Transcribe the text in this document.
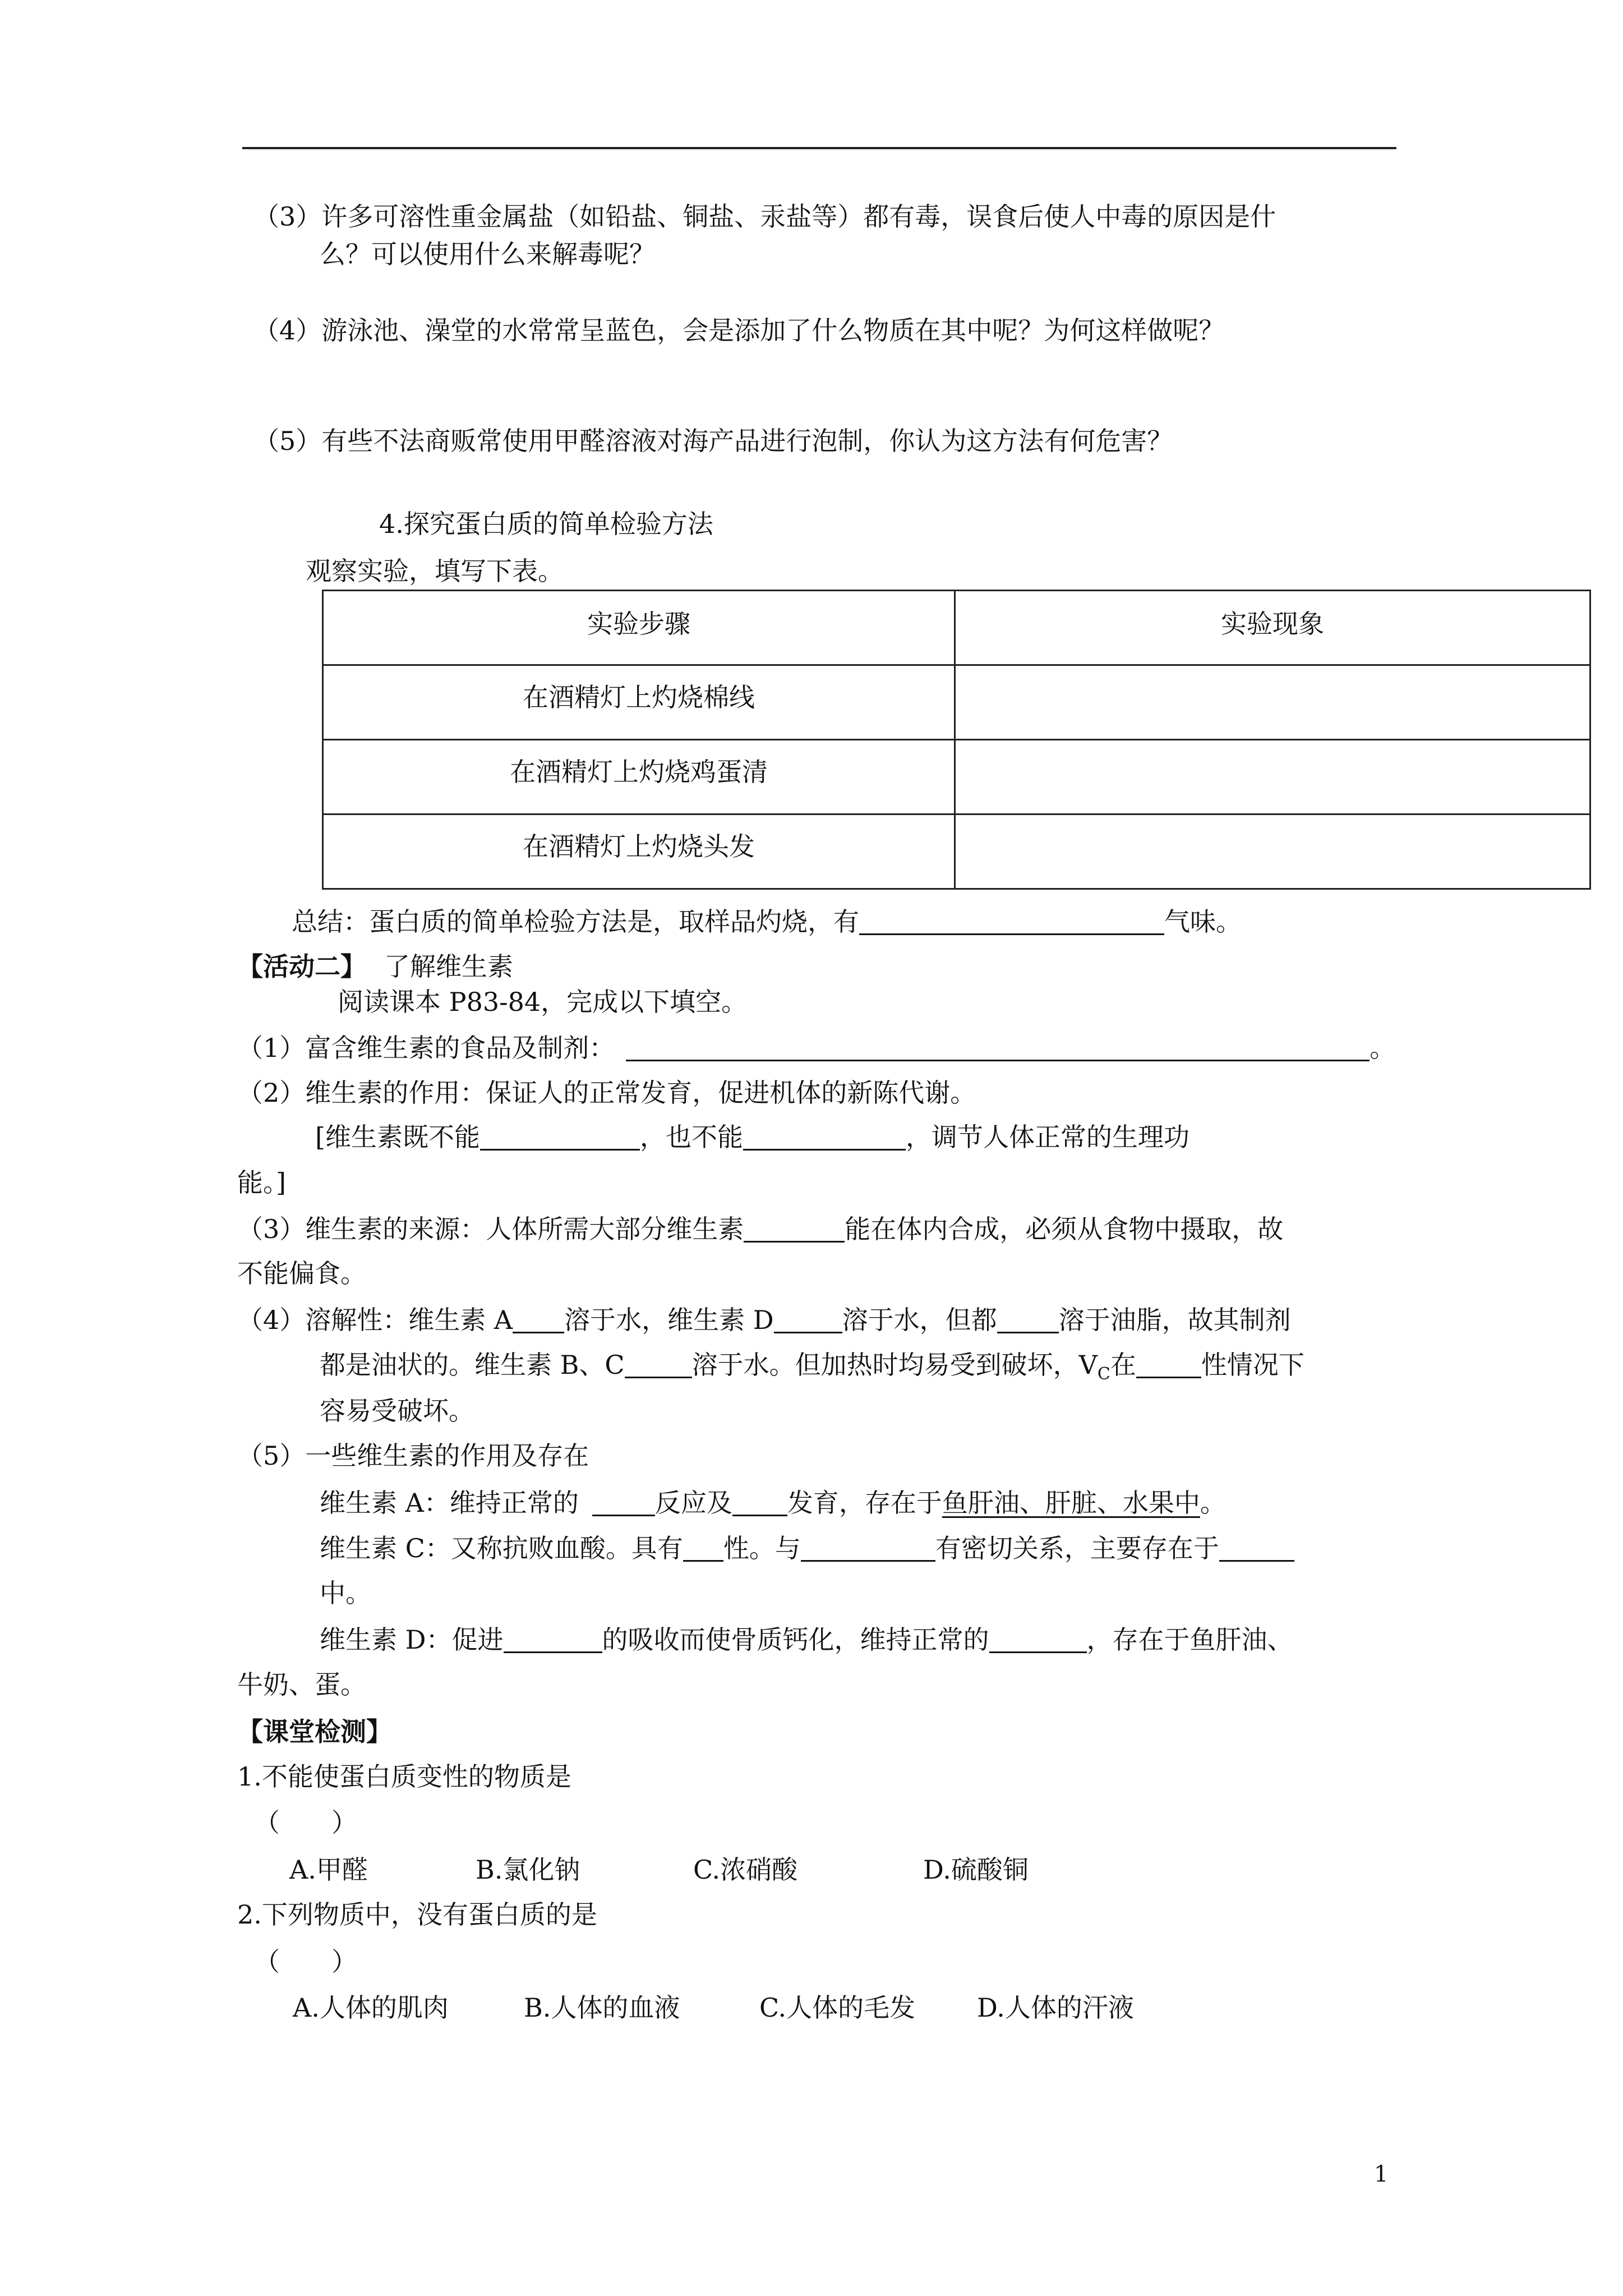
（3）许多可溶性重金属盐（如铅盐、铜盐、汞盐等）都有毒，误食后使人中毒的原因是什
么？可以使用什么来解毒呢？
（4）游泳池、澡堂的水常常呈蓝色，会是添加了什么物质在其中呢？为何这样做呢？
（5）有些不法商贩常使用甲醛溶液对海产品进行泡制，你认为这方法有何危害？
4.探究蛋白质的简单检验方法
观察实验，填写下表。
实验步骤	实验现象
在酒精灯上灼烧棉线	
在酒精灯上灼烧鸡蛋清	
在酒精灯上灼烧头发	
总结：蛋白质的简单检验方法是，取样品灼烧，有	气味。
【活动二】 了解维生素
阅读课本 P83-84，完成以下填空。
（1）富含维生素的食品及制剂：	。
（2）维生素的作用：保证人的正常发育，促进机体的新陈代谢。
[维生素既不能	，也不能	，调节人体正常的生理功
能。]
（3）维生素的来源：人体所需大部分维生素	能在体内合成，必须从食物中摄取，故
不能偏食。
（4）溶解性：维生素 A 溶于水，维生素 D	溶于水，但都 溶于油脂，故其制剂
都是油状的。维生素 B、C	溶于水。但加热时均易受到破坏，$V_C$在	性情况下
容易受破坏。
（5）一些维生素的作用及存在
维生素 A：维持正常的	反应及 发育，存在于鱼肝油、肝脏、水果中。
维生素 C：又称抗败血酸。具有 性。与	有密切关系，主要存在于
中。
维生素 D：促进	的吸收而使骨质钙化，维持正常的	，存在于鱼肝油、
牛奶、蛋。
【课堂检测】
1.不能使蛋白质变性的物质是
（　　）
A.甲醛	B.氯化钠	C.浓硝酸	D.硫酸铜
2.下列物质中，没有蛋白质的是
（　　）
A.人体的肌肉	B.人体的血液	C.人体的毛发 D.人体的汗液
1
